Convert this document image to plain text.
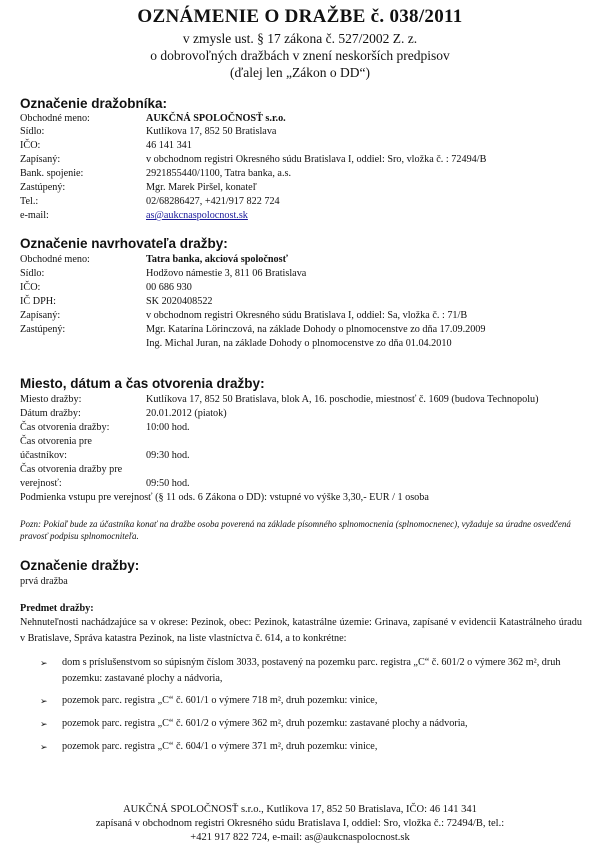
OZNÁMENIE O DRAŽBE č. 038/2011
v zmysle ust. § 17 zákona č. 527/2002 Z. z.
o dobrovoľných dražbách v znení neskorších predpisov
(ďalej len „Zákon o DD“)
Označenie dražobníka:
Obchodné meno:	AUKČNÁ SPOLOČNOSŤ s.r.o.
Sídlo:	Kutlíkova 17, 852 50 Bratislava
IČO:	46 141 341
Zapísaný:	v obchodnom registri Okresného súdu Bratislava I, oddiel: Sro, vložka č. : 72494/B
Bank. spojenie:	2921855440/1100, Tatra banka, a.s.
Zastúpený:	Mgr. Marek Piršel, konateľ
Tel.:	02/68286427, +421/917 822 724
e-mail:	as@aukcnaspolocnost.sk
Označenie navrhovateľa dražby:
Obchodné meno:	Tatra banka, akciová spoločnosť
Sídlo:	Hodžovo námestie 3, 811 06 Bratislava
IČO:	00 686 930
IČ DPH:	SK 2020408522
Zapísaný:	v obchodnom registri Okresného súdu Bratislava I, oddiel: Sa, vložka č. : 71/B
Zastúpený:	Mgr. Katarína Lörinczová, na základe Dohody o plnomocenstve zo dňa 17.09.2009
Ing. Michal Juran, na základe Dohody o plnomocenstve zo dňa 01.04.2010
Miesto, dátum a čas otvorenia dražby:
Miesto dražby:	Kutlíkova 17, 852 50 Bratislava, blok A, 16. poschodie, miestnosť č. 1609 (budova Technopolu)
Dátum dražby:	20.01.2012 (piatok)
Čas otvorenia dražby:	10:00 hod.
Čas otvorenia pre
účastníkov:	09:30 hod.
Čas otvorenia dražby pre
verejnosť:	09:50 hod.
Podmienka vstupu pre verejnosť (§ 11 ods. 6 Zákona o DD): vstupné vo výške 3,30,- EUR / 1 osoba
Pozn: Pokiaľ bude za účastníka konať na dražbe osoba poverená na základe písomného splnomocnenia (splnomocnenec), vyžaduje sa úradne osvedčená pravosť podpisu splnomocniteľa.
Označenie dražby:
prvá dražba
Predmet dražby:
Nehnuteľnosti nachádzajúce sa v okrese: Pezinok, obec: Pezinok, katastrálne územie: Grinava, zapísané v evidencii Katastrálneho úradu v Bratislave, Správa katastra Pezinok, na liste vlastníctva č. 614, a to konkrétne:
➢ dom s príslušenstvom so súpisným číslom 3033, postavený na pozemku parc. registra „C“ č. 601/2 o výmere 362 m², druh pozemku: zastavané plochy a nádvoria,
➢ pozemok parc. registra „C“ č. 601/1 o výmere 718 m², druh pozemku: vinice,
➢ pozemok parc. registra „C“ č. 601/2 o výmere 362 m², druh pozemku: zastavané plochy a nádvoria,
➢ pozemok parc. registra „C“ č. 604/1 o výmere 371 m², druh pozemku: vinice,
AUKČNÁ SPOLOČNOSŤ s.r.o., Kutlíkova 17, 852 50 Bratislava, IČO: 46 141 341
zapísaná v obchodnom registri Okresného súdu Bratislava I, oddiel: Sro, vložka č.: 72494/B, tel.:
+421 917 822 724, e-mail: as@aukcnaspolocnost.sk
